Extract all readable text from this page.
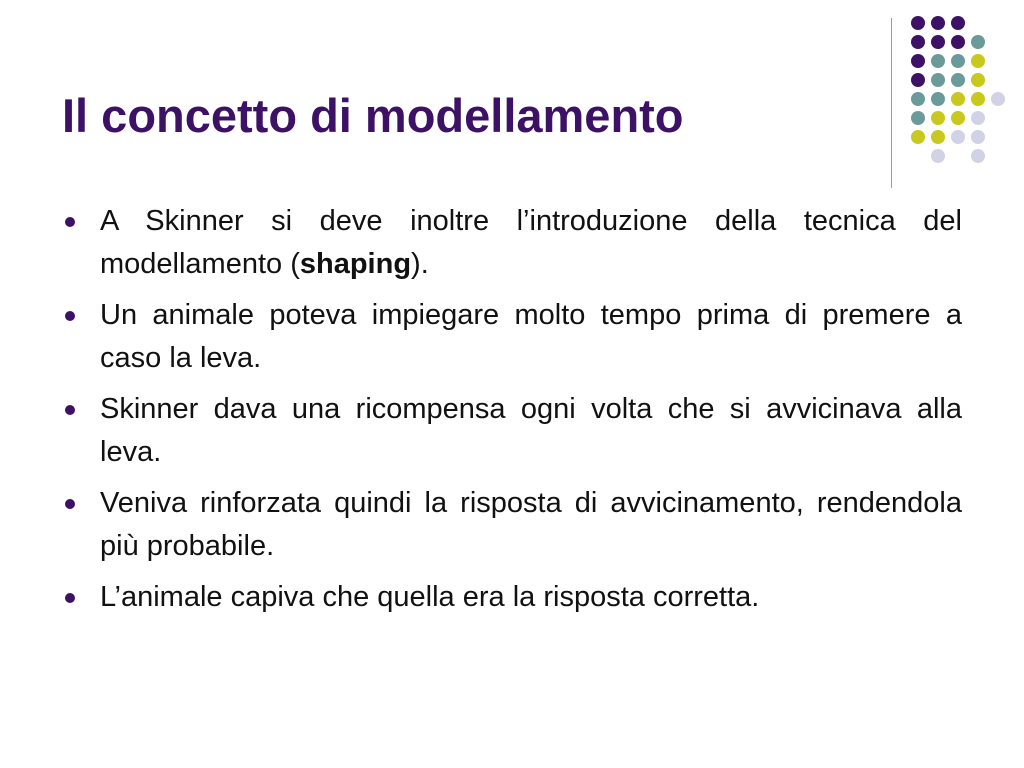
Il concetto di modellamento
A Skinner si deve inoltre l’introduzione della tecnica del modellamento (shaping).
Un animale poteva impiegare molto tempo prima di premere a caso la leva.
Skinner dava una ricompensa ogni volta che si avvicinava alla leva.
Veniva rinforzata quindi la risposta di avvicinamento, rendendola più probabile.
L’animale capiva che quella era la risposta corretta.
